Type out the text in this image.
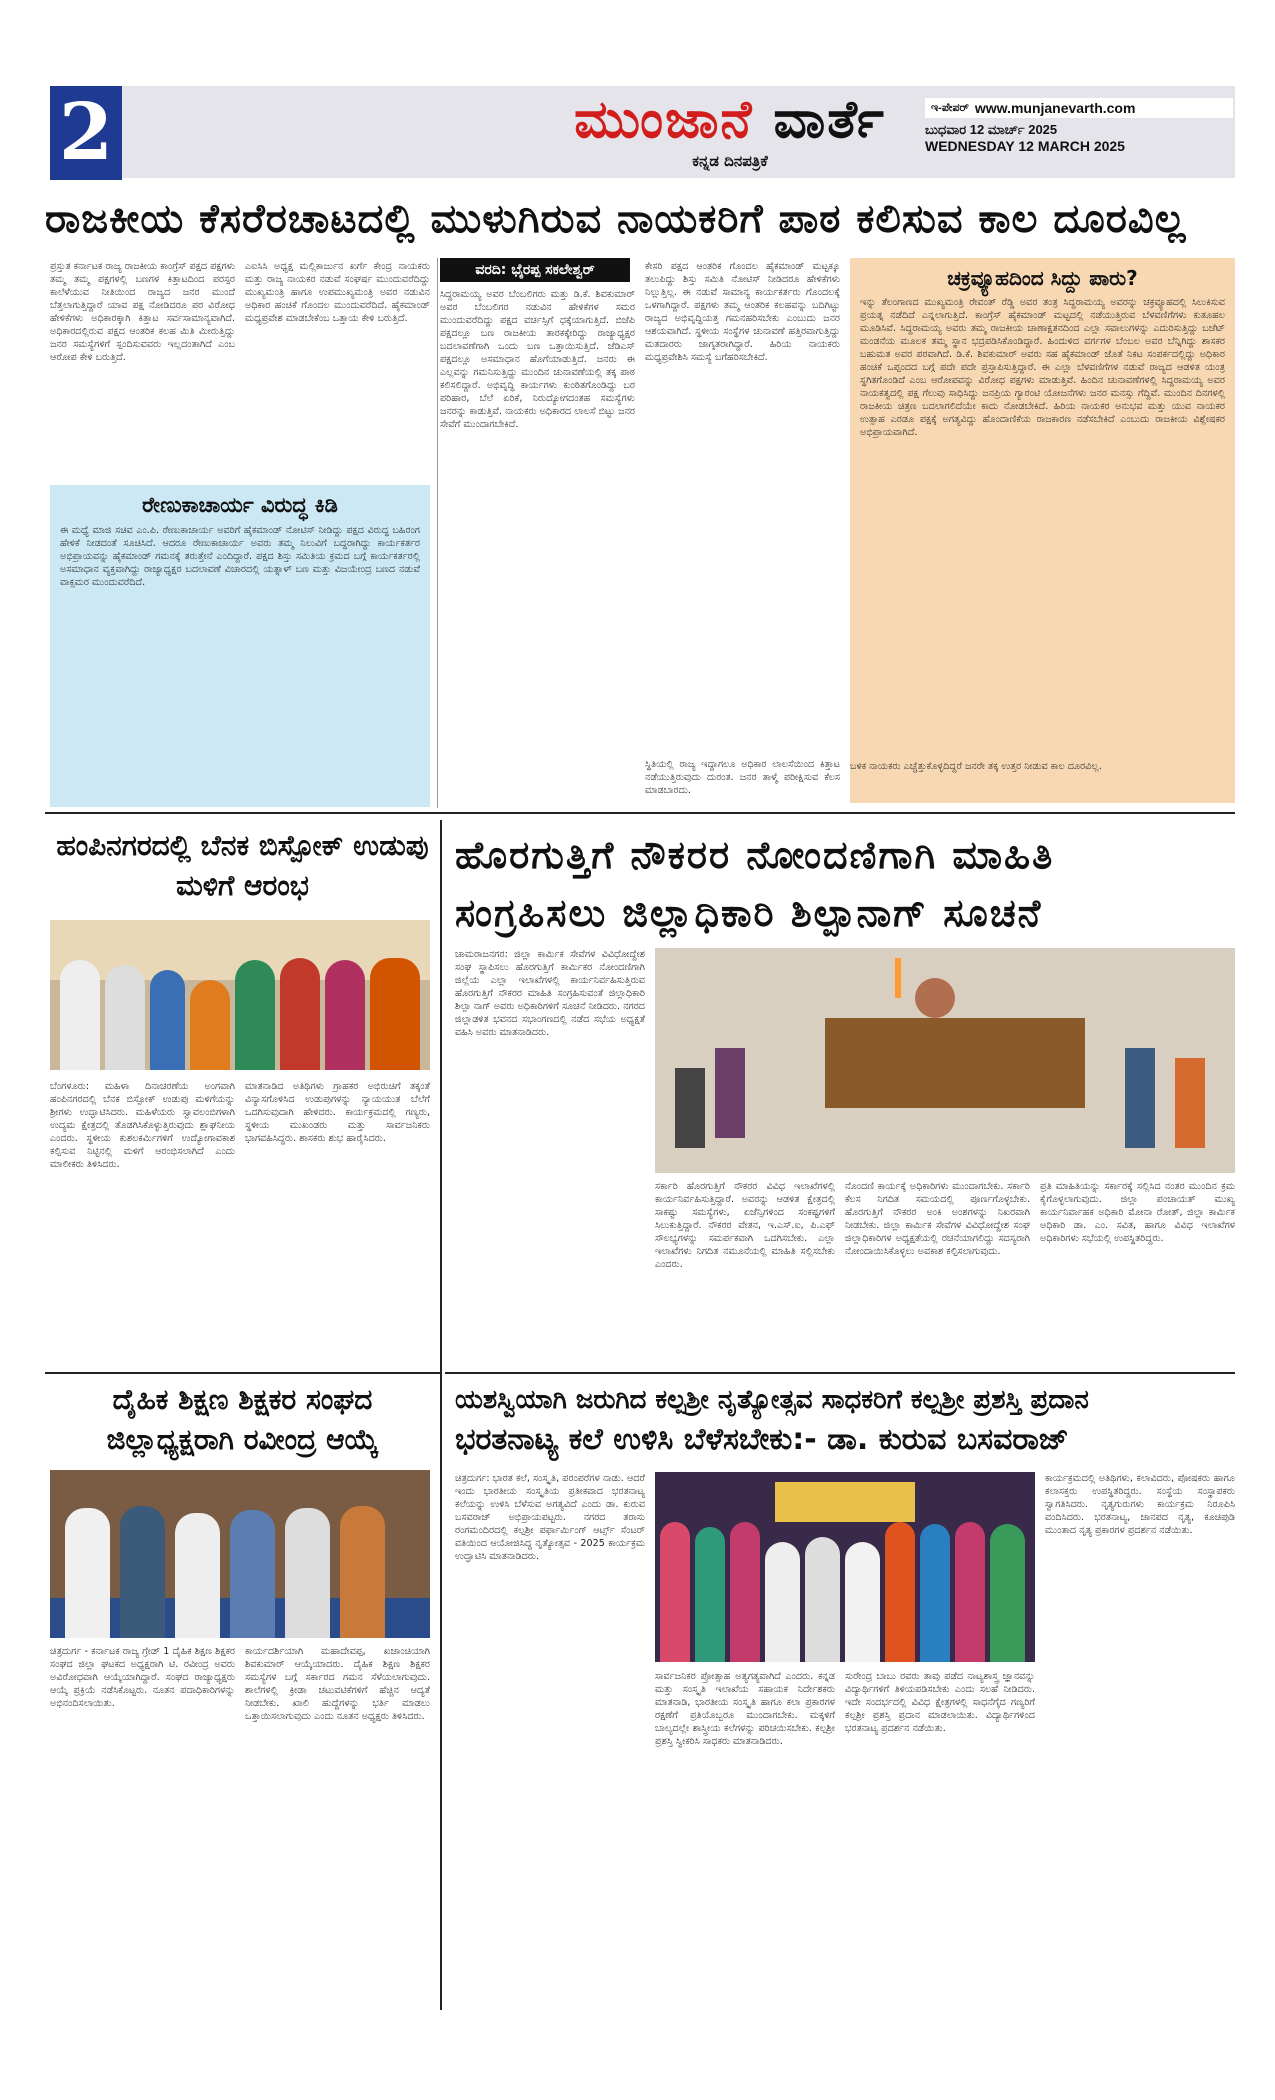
2	ಮುಂಜಾನೆ ವಾರ್ತೆ
ಕನ್ನಡ ದಿನಪತ್ರಿಕೆ
ಇ-ಪೇಪರ್ www.munjanevarth.com
ಬುಧವಾರ 12 ಮಾರ್ಚ್ 2025
WEDNESDAY 12 MARCH 2025
ರಾಜಕೀಯ ಕೆಸರೆರಚಾಟದಲ್ಲಿ ಮುಳುಗಿರುವ ನಾಯಕರಿಗೆ ಪಾಠ ಕಲಿಸುವ ಕಾಲ ದೂರವಿಲ್ಲ
ಪ್ರಸ್ತುತ ಕರ್ನಾಟಕ ರಾಜ್ಯ ರಾಜಕೀಯ ಕಾಂಗ್ರೆಸ್ ಪಕ್ಷದ ಪಕ್ಷಗಳು ತಮ್ಮ ತಮ್ಮ ಪಕ್ಷಗಳಲ್ಲಿ ಬಣಗಳ ಕಿತ್ತಾಟದಿಂದ ಪರಸ್ಪರ ಕಾಲೆಳೆಯುವ ನೀತಿಯಿಂದ ರಾಜ್ಯದ ಜನರ ಮುಂದೆ ಬೆತ್ತಲಾಗುತ್ತಿದ್ದಾರೆ ಯಾವ ಪಕ್ಷ ನೋಡಿದರೂ ಪರ ವಿರೋಧ ಹೇಳಿಕೆಗಳು ಅಧಿಕಾರಕ್ಕಾಗಿ ಕಿತ್ತಾಟ ಸರ್ವಸಾಮಾನ್ಯವಾಗಿದೆ. ಅಧಿಕಾರದಲ್ಲಿರುವ ಪಕ್ಷದ ಆಂತರಿಕ ಕಲಹ ಮಿತಿ ಮೀರುತ್ತಿದ್ದು ಜನರ ಸಮಸ್ಯೆಗಳಿಗೆ ಸ್ಪಂದಿಸುವವರು ಇಲ್ಲದಂತಾಗಿದೆ ಎಂಬ ಆರೋಪ ಕೇಳಿ ಬರುತ್ತಿದೆ.
ಎಐಸಿಸಿ ಅಧ್ಯಕ್ಷ ಮಲ್ಲಿಕಾರ್ಜುನ ಖರ್ಗೆ ಕೇಂದ್ರ ನಾಯಕರು ಮತ್ತು ರಾಜ್ಯ ನಾಯಕರ ನಡುವೆ ಸಂಘರ್ಷ ಮುಂದುವರೆದಿದ್ದು ಮುಖ್ಯಮಂತ್ರಿ ಹಾಗೂ ಉಪಮುಖ್ಯಮಂತ್ರಿ ಅವರ ನಡುವಿನ ಅಧಿಕಾರ ಹಂಚಿಕೆ ಗೊಂದಲ ಮುಂದುವರೆದಿದೆ. ಹೈಕಮಾಂಡ್ ಮಧ್ಯಪ್ರವೇಶ ಮಾಡಬೇಕೆಂಬ ಒತ್ತಾಯ ಕೇಳಿ ಬರುತ್ತಿದೆ.
ವರದಿ: ಭೈರಪ್ಪ ಸಕಲೇಶ್ವರ್
ಸಿದ್ದರಾಮಯ್ಯ ಅವರ ಬೆಂಬಲಿಗರು ಮತ್ತು ಡಿ.ಕೆ. ಶಿವಕುಮಾರ್ ಅವರ ಬೆಂಬಲಿಗರ ನಡುವಿನ ಹೇಳಿಕೆಗಳ ಸಮರ ಮುಂದುವರೆದಿದ್ದು ಪಕ್ಷದ ವರ್ಚಸ್ಸಿಗೆ ಧಕ್ಕೆಯಾಗುತ್ತಿದೆ. ಬಿಜೆಪಿ ಪಕ್ಷದಲ್ಲೂ ಬಣ ರಾಜಕೀಯ ತಾರಕಕ್ಕೇರಿದ್ದು ರಾಜ್ಯಾಧ್ಯಕ್ಷರ ಬದಲಾವಣೆಗಾಗಿ ಒಂದು ಬಣ ಒತ್ತಾಯಿಸುತ್ತಿದೆ. ಜೆಡಿಎಸ್ ಪಕ್ಷದಲ್ಲೂ ಅಸಮಾಧಾನ ಹೊಗೆಯಾಡುತ್ತಿದೆ. ಜನರು ಈ ಎಲ್ಲವನ್ನು ಗಮನಿಸುತ್ತಿದ್ದು ಮುಂದಿನ ಚುನಾವಣೆಯಲ್ಲಿ ತಕ್ಕ ಪಾಠ ಕಲಿಸಲಿದ್ದಾರೆ. ಅಭಿವೃದ್ಧಿ ಕಾರ್ಯಗಳು ಕುಂಠಿತಗೊಂಡಿದ್ದು ಬರ ಪರಿಹಾರ, ಬೆಲೆ ಏರಿಕೆ, ನಿರುದ್ಯೋಗದಂತಹ ಸಮಸ್ಯೆಗಳು ಜನರನ್ನು ಕಾಡುತ್ತಿವೆ. ನಾಯಕರು ಅಧಿಕಾರದ ಲಾಲಸೆ ಬಿಟ್ಟು ಜನರ ಸೇವೆಗೆ ಮುಂದಾಗಬೇಕಿದೆ.
ಕೇಸರಿ ಪಕ್ಷದ ಆಂತರಿಕ ಗೊಂದಲ ಹೈಕಮಾಂಡ್ ಮಟ್ಟಕ್ಕೂ ತಲುಪಿದ್ದು ಶಿಸ್ತು ಸಮಿತಿ ನೋಟಿಸ್ ನೀಡಿದರೂ ಹೇಳಿಕೆಗಳು ನಿಲ್ಲುತ್ತಿಲ್ಲ. ಈ ನಡುವೆ ಸಾಮಾನ್ಯ ಕಾರ್ಯಕರ್ತರು ಗೊಂದಲಕ್ಕೆ ಒಳಗಾಗಿದ್ದಾರೆ. ಪಕ್ಷಗಳು ತಮ್ಮ ಆಂತರಿಕ ಕಲಹವನ್ನು ಬದಿಗಿಟ್ಟು ರಾಜ್ಯದ ಅಭಿವೃದ್ಧಿಯತ್ತ ಗಮನಹರಿಸಬೇಕು ಎಂಬುದು ಜನರ ಆಶಯವಾಗಿದೆ. ಸ್ಥಳೀಯ ಸಂಸ್ಥೆಗಳ ಚುನಾವಣೆ ಹತ್ತಿರವಾಗುತ್ತಿದ್ದು ಮತದಾರರು ಜಾಗೃತರಾಗಿದ್ದಾರೆ. ಹಿರಿಯ ನಾಯಕರು ಮಧ್ಯಪ್ರವೇಶಿಸಿ ಸಮಸ್ಯೆ ಬಗೆಹರಿಸಬೇಕಿದೆ.
ಸ್ಥಿತಿಯಲ್ಲಿ ರಾಜ್ಯ ಇದ್ದಾಗಲೂ ಅಧಿಕಾರ ಲಾಲಸೆಯಿಂದ ಕಿತ್ತಾಟ ನಡೆಯುತ್ತಿರುವುದು ದುರಂತ. ಜನರ ತಾಳ್ಮೆ ಪರೀಕ್ಷಿಸುವ ಕೆಲಸ ಮಾಡಬಾರದು.
ರೇಣುಕಾಚಾರ್ಯ ವಿರುದ್ಧ ಕಿಡಿ
ಈ ಮಧ್ಯೆ ಮಾಜಿ ಸಚಿವ ಎಂ.ಪಿ. ರೇಣುಕಾಚಾರ್ಯ ಅವರಿಗೆ ಹೈಕಮಾಂಡ್ ನೋಟಿಸ್ ನೀಡಿದ್ದು ಪಕ್ಷದ ವಿರುದ್ಧ ಬಹಿರಂಗ ಹೇಳಿಕೆ ನೀಡದಂತೆ ಸೂಚಿಸಿದೆ. ಆದರೂ ರೇಣುಕಾಚಾರ್ಯ ಅವರು ತಮ್ಮ ನಿಲುವಿಗೆ ಬದ್ಧರಾಗಿದ್ದು ಕಾರ್ಯಕರ್ತರ ಅಭಿಪ್ರಾಯವನ್ನು ಹೈಕಮಾಂಡ್ ಗಮನಕ್ಕೆ ತರುತ್ತೇನೆ ಎಂದಿದ್ದಾರೆ. ಪಕ್ಷದ ಶಿಸ್ತು ಸಮಿತಿಯ ಕ್ರಮದ ಬಗ್ಗೆ ಕಾರ್ಯಕರ್ತರಲ್ಲಿ ಅಸಮಾಧಾನ ವ್ಯಕ್ತವಾಗಿದ್ದು ರಾಜ್ಯಾಧ್ಯಕ್ಷರ ಬದಲಾವಣೆ ವಿಚಾರದಲ್ಲಿ ಯತ್ನಾಳ್ ಬಣ ಮತ್ತು ವಿಜಯೇಂದ್ರ ಬಣದ ನಡುವೆ ವಾಕ್ಸಮರ ಮುಂದುವರೆದಿದೆ.
ಚಕ್ರವ್ಯೂಹದಿಂದ ಸಿದ್ದು ಪಾರು?
ಇನ್ನು ತೆಲಂಗಾಣದ ಮುಖ್ಯಮಂತ್ರಿ ರೇವಂತ್ ರೆಡ್ಡಿ ಅವರ ತಂತ್ರ ಸಿದ್ದರಾಮಯ್ಯ ಅವರನ್ನು ಚಕ್ರವ್ಯೂಹದಲ್ಲಿ ಸಿಲುಕಿಸುವ ಪ್ರಯತ್ನ ನಡೆದಿದೆ ಎನ್ನಲಾಗುತ್ತಿದೆ. ಕಾಂಗ್ರೆಸ್ ಹೈಕಮಾಂಡ್ ಮಟ್ಟದಲ್ಲಿ ನಡೆಯುತ್ತಿರುವ ಬೆಳವಣಿಗೆಗಳು ಕುತೂಹಲ ಮೂಡಿಸಿವೆ. ಸಿದ್ದರಾಮಯ್ಯ ಅವರು ತಮ್ಮ ರಾಜಕೀಯ ಚಾಣಾಕ್ಷತನದಿಂದ ಎಲ್ಲಾ ಸವಾಲುಗಳನ್ನು ಎದುರಿಸುತ್ತಿದ್ದು ಬಜೆಟ್ ಮಂಡನೆಯ ಮೂಲಕ ತಮ್ಮ ಸ್ಥಾನ ಭದ್ರಪಡಿಸಿಕೊಂಡಿದ್ದಾರೆ. ಹಿಂದುಳಿದ ವರ್ಗಗಳ ಬೆಂಬಲ ಅವರ ಬೆನ್ನಿಗಿದ್ದು ಶಾಸಕರ ಬಹುಮತ ಅವರ ಪರವಾಗಿದೆ. ಡಿ.ಕೆ. ಶಿವಕುಮಾರ್ ಅವರು ಸಹ ಹೈಕಮಾಂಡ್ ಜೊತೆ ನಿಕಟ ಸಂಪರ್ಕದಲ್ಲಿದ್ದು ಅಧಿಕಾರ ಹಂಚಿಕೆ ಒಪ್ಪಂದದ ಬಗ್ಗೆ ಪದೇ ಪದೇ ಪ್ರಸ್ತಾಪಿಸುತ್ತಿದ್ದಾರೆ. ಈ ಎಲ್ಲಾ ಬೆಳವಣಿಗೆಗಳ ನಡುವೆ ರಾಜ್ಯದ ಆಡಳಿತ ಯಂತ್ರ ಸ್ಥಗಿತಗೊಂಡಿದೆ ಎಂಬ ಆರೋಪವನ್ನು ವಿರೋಧ ಪಕ್ಷಗಳು ಮಾಡುತ್ತಿವೆ. ಹಿಂದಿನ ಚುನಾವಣೆಗಳಲ್ಲಿ ಸಿದ್ದರಾಮಯ್ಯ ಅವರ ನಾಯಕತ್ವದಲ್ಲಿ ಪಕ್ಷ ಗೆಲುವು ಸಾಧಿಸಿದ್ದು ಜನಪ್ರಿಯ ಗ್ಯಾರಂಟಿ ಯೋಜನೆಗಳು ಜನರ ಮನಸ್ಸು ಗೆದ್ದಿವೆ. ಮುಂದಿನ ದಿನಗಳಲ್ಲಿ ರಾಜಕೀಯ ಚಿತ್ರಣ ಬದಲಾಗಲಿದೆಯೇ ಕಾದು ನೋಡಬೇಕಿದೆ. ಹಿರಿಯ ನಾಯಕರ ಅನುಭವ ಮತ್ತು ಯುವ ನಾಯಕರ ಉತ್ಸಾಹ ಎರಡೂ ಪಕ್ಷಕ್ಕೆ ಅಗತ್ಯವಿದ್ದು ಹೊಂದಾಣಿಕೆಯ ರಾಜಕಾರಣ ನಡೆಸಬೇಕಿದೆ ಎಂಬುದು ರಾಜಕೀಯ ವಿಶ್ಲೇಷಕರ ಅಭಿಪ್ರಾಯವಾಗಿದೆ.
ಬಳಿಕ ನಾಯಕರು ಎಚ್ಚೆತ್ತುಕೊಳ್ಳದಿದ್ದರೆ ಜನರೇ ತಕ್ಕ ಉತ್ತರ ನೀಡುವ ಕಾಲ ದೂರವಿಲ್ಲ.
ಹಂಪಿನಗರದಲ್ಲಿ ಬೆನಕ ಬಿಸ್ಪೋಕ್ ಉಡುಪು ಮಳಿಗೆ ಆರಂಭ
ಬೆಂಗಳೂರು: ಮಹಿಳಾ ದಿನಾಚರಣೆಯ ಅಂಗವಾಗಿ ಹಂಪಿನಗರದಲ್ಲಿ ಬೆನಕ ಬಿಸ್ಪೋಕ್ ಉಡುಪು ಮಳಿಗೆಯನ್ನು ಶ್ರೀಗಳು ಉದ್ಘಾಟಿಸಿದರು. ಮಹಿಳೆಯರು ಸ್ವಾವಲಂಬಿಗಳಾಗಿ ಉದ್ಯಮ ಕ್ಷೇತ್ರದಲ್ಲಿ ತೊಡಗಿಸಿಕೊಳ್ಳುತ್ತಿರುವುದು ಶ್ಲಾಘನೀಯ ಎಂದರು. ಸ್ಥಳೀಯ ಕುಶಲಕರ್ಮಿಗಳಿಗೆ ಉದ್ಯೋಗಾವಕಾಶ ಕಲ್ಪಿಸುವ ನಿಟ್ಟಿನಲ್ಲಿ ಮಳಿಗೆ ಆರಂಭಿಸಲಾಗಿದೆ ಎಂದು ಮಾಲೀಕರು ತಿಳಿಸಿದರು.
ಮಾತನಾಡಿದ ಅತಿಥಿಗಳು ಗ್ರಾಹಕರ ಅಭಿರುಚಿಗೆ ತಕ್ಕಂತೆ ವಿನ್ಯಾಸಗೊಳಿಸಿದ ಉಡುಪುಗಳನ್ನು ನ್ಯಾಯಯುತ ಬೆಲೆಗೆ ಒದಗಿಸುವುದಾಗಿ ಹೇಳಿದರು. ಕಾರ್ಯಕ್ರಮದಲ್ಲಿ ಗಣ್ಯರು, ಸ್ಥಳೀಯ ಮುಖಂಡರು ಮತ್ತು ಸಾರ್ವಜನಿಕರು ಭಾಗವಹಿಸಿದ್ದರು. ಶಾಸಕರು ಶುಭ ಹಾರೈಸಿದರು.
ದೈಹಿಕ ಶಿಕ್ಷಣ ಶಿಕ್ಷಕರ ಸಂಘದ ಜಿಲ್ಲಾಧ್ಯಕ್ಷರಾಗಿ ರವೀಂದ್ರ ಆಯ್ಕೆ
ಚಿತ್ರದುರ್ಗ - ಕರ್ನಾಟಕ ರಾಜ್ಯ ಗ್ರೇಡ್ 1 ದೈಹಿಕ ಶಿಕ್ಷಣ ಶಿಕ್ಷಕರ ಸಂಘದ ಜಿಲ್ಲಾ ಘಟಕದ ಅಧ್ಯಕ್ಷರಾಗಿ ಟಿ. ರವೀಂದ್ರ ಅವರು ಅವಿರೋಧವಾಗಿ ಆಯ್ಕೆಯಾಗಿದ್ದಾರೆ. ಸಂಘದ ರಾಜ್ಯಾಧ್ಯಕ್ಷರು ಆಯ್ಕೆ ಪ್ರಕ್ರಿಯೆ ನಡೆಸಿಕೊಟ್ಟರು. ನೂತನ ಪದಾಧಿಕಾರಿಗಳನ್ನು ಅಭಿನಂದಿಸಲಾಯಿತು.
ಕಾರ್ಯದರ್ಶಿಯಾಗಿ ಮಹಾದೇವಪ್ಪ, ಖಜಾಂಚಿಯಾಗಿ ಶಿವಕುಮಾರ್ ಆಯ್ಕೆಯಾದರು. ದೈಹಿಕ ಶಿಕ್ಷಣ ಶಿಕ್ಷಕರ ಸಮಸ್ಯೆಗಳ ಬಗ್ಗೆ ಸರ್ಕಾರದ ಗಮನ ಸೆಳೆಯಲಾಗುವುದು. ಶಾಲೆಗಳಲ್ಲಿ ಕ್ರೀಡಾ ಚಟುವಟಿಕೆಗಳಿಗೆ ಹೆಚ್ಚಿನ ಆದ್ಯತೆ ನೀಡಬೇಕು. ಖಾಲಿ ಹುದ್ದೆಗಳನ್ನು ಭರ್ತಿ ಮಾಡಲು ಒತ್ತಾಯಿಸಲಾಗುವುದು ಎಂದು ನೂತನ ಅಧ್ಯಕ್ಷರು ತಿಳಿಸಿದರು.
ಹೊರಗುತ್ತಿಗೆ ನೌಕರರ ನೋಂದಣಿಗಾಗಿ ಮಾಹಿತಿ
ಸಂಗ್ರಹಿಸಲು ಜಿಲ್ಲಾಧಿಕಾರಿ ಶಿಲ್ಪಾನಾಗ್ ಸೂಚನೆ
ಚಾಮರಾಜನಗರ: ಜಿಲ್ಲಾ ಕಾರ್ಮಿಕ ಸೇವೆಗಳ ವಿವಿಧೋದ್ದೇಶ ಸಂಘ ಸ್ಥಾಪಿಸಲು ಹೊರಗುತ್ತಿಗೆ ಕಾರ್ಮಿಕರ ನೋಂದಣಿಗಾಗಿ ಜಿಲ್ಲೆಯ ಎಲ್ಲಾ ಇಲಾಖೆಗಳಲ್ಲಿ ಕಾರ್ಯನಿರ್ವಹಿಸುತ್ತಿರುವ ಹೊರಗುತ್ತಿಗೆ ನೌಕರರ ಮಾಹಿತಿ ಸಂಗ್ರಹಿಸುವಂತೆ ಜಿಲ್ಲಾಧಿಕಾರಿ ಶಿಲ್ಪಾ ನಾಗ್ ಅವರು ಅಧಿಕಾರಿಗಳಿಗೆ ಸೂಚನೆ ನೀಡಿದರು. ನಗರದ ಜಿಲ್ಲಾಡಳಿತ ಭವನದ ಸಭಾಂಗಣದಲ್ಲಿ ನಡೆದ ಸಭೆಯ ಅಧ್ಯಕ್ಷತೆ ವಹಿಸಿ ಅವರು ಮಾತನಾಡಿದರು.
ಸರ್ಕಾರಿ ಹೊರಗುತ್ತಿಗೆ ನೌಕರರ ವಿವಿಧ ಇಲಾಖೆಗಳಲ್ಲಿ ಕಾರ್ಯನಿರ್ವಹಿಸುತ್ತಿದ್ದಾರೆ. ಅವರನ್ನು ಆಡಳಿತ ಕ್ಷೇತ್ರದಲ್ಲಿ ಸಾಕಷ್ಟು ಸಮಸ್ಯೆಗಳು, ಏಜೆನ್ಸಿಗಳಿಂದ ಸಂಕಷ್ಟಗಳಿಗೆ ಸಿಲುಕುತ್ತಿದ್ದಾರೆ. ನೌಕರರ ವೇತನ, ಇ.ಎಸ್.ಐ, ಪಿ.ಎಫ್ ಸೌಲಭ್ಯಗಳನ್ನು ಸಮರ್ಪಕವಾಗಿ ಒದಗಿಸಬೇಕು. ಎಲ್ಲಾ ಇಲಾಖೆಗಳು ನಿಗದಿತ ನಮೂನೆಯಲ್ಲಿ ಮಾಹಿತಿ ಸಲ್ಲಿಸಬೇಕು ಎಂದರು.
ನೊಂದಣಿ ಕಾರ್ಯಕ್ಕೆ ಅಧಿಕಾರಿಗಳು ಮುಂದಾಗಬೇಕು. ಸರ್ಕಾರಿ ಕೆಲಸ ನಿಗದಿತ ಸಮಯದಲ್ಲಿ ಪೂರ್ಣಗೊಳ್ಳಬೇಕು. ಹೊರಗುತ್ತಿಗೆ ನೌಕರರ ಅಂಕಿ ಅಂಶಗಳನ್ನು ನಿಖರವಾಗಿ ನೀಡಬೇಕು. ಜಿಲ್ಲಾ ಕಾರ್ಮಿಕ ಸೇವೆಗಳ ವಿವಿಧೋದ್ದೇಶ ಸಂಘ ಜಿಲ್ಲಾಧಿಕಾರಿಗಳ ಅಧ್ಯಕ್ಷತೆಯಲ್ಲಿ ರಚನೆಯಾಗಲಿದ್ದು ಸದಸ್ಯರಾಗಿ ನೋಂದಾಯಿಸಿಕೊಳ್ಳಲು ಅವಕಾಶ ಕಲ್ಪಿಸಲಾಗುವುದು.
ಪ್ರತಿ ಮಾಹಿತಿಯನ್ನು ಸರ್ಕಾರಕ್ಕೆ ಸಲ್ಲಿಸಿದ ನಂತರ ಮುಂದಿನ ಕ್ರಮ ಕೈಗೊಳ್ಳಲಾಗುವುದು. ಜಿಲ್ಲಾ ಪಂಚಾಯತ್ ಮುಖ್ಯ ಕಾರ್ಯನಿರ್ವಾಹಕ ಅಧಿಕಾರಿ ಮೋನಾ ರೋತ್, ಜಿಲ್ಲಾ ಕಾರ್ಮಿಕ ಅಧಿಕಾರಿ ಡಾ. ಎಂ. ಸವಿತ, ಹಾಗೂ ವಿವಿಧ ಇಲಾಖೆಗಳ ಅಧಿಕಾರಿಗಳು ಸಭೆಯಲ್ಲಿ ಉಪಸ್ಥಿತರಿದ್ದರು.
ಯಶಸ್ವಿಯಾಗಿ ಜರುಗಿದ ಕಲ್ಪಶ್ರೀ ನೃತ್ಯೋತ್ಸವ ಸಾಧಕರಿಗೆ ಕಲ್ಪಶ್ರೀ ಪ್ರಶಸ್ತಿ ಪ್ರದಾನ
ಭರತನಾಟ್ಯ ಕಲೆ ಉಳಿಸಿ ಬೆಳೆಸಬೇಕು:- ಡಾ. ಕುರುವ ಬಸವರಾಜ್
ಚಿತ್ರದುರ್ಗ: ಭಾರತ ಕಲೆ, ಸಂಸ್ಕೃತಿ, ಪರಂಪರೆಗಳ ನಾಡು. ಆದರೆ ಇಂದು ಭಾರತೀಯ ಸಂಸ್ಕೃತಿಯ ಪ್ರತೀಕವಾದ ಭರತನಾಟ್ಯ ಕಲೆಯನ್ನು ಉಳಿಸಿ ಬೆಳೆಸುವ ಅಗತ್ಯವಿದೆ ಎಂದು ಡಾ. ಕುರುವ ಬಸವರಾಜ್ ಅಭಿಪ್ರಾಯಪಟ್ಟರು. ನಗರದ ತರಾಸು ರಂಗಮಂದಿರದಲ್ಲಿ ಕಲ್ಪಶ್ರೀ ಪರ್ಫಾರ್ಮಿಂಗ್ ಆರ್ಟ್ಸ್ ಸೆಂಟರ್ ವತಿಯಿಂದ ಆಯೋಜಿಸಿದ್ದ ನೃತ್ಯೋತ್ಸವ - 2025 ಕಾರ್ಯಕ್ರಮ ಉದ್ಘಾಟಿಸಿ ಮಾತನಾಡಿದರು.
ಕಾರ್ಯಕ್ರಮದಲ್ಲಿ ಅತಿಥಿಗಳು, ಕಲಾವಿದರು, ಪೋಷಕರು ಹಾಗೂ ಕಲಾಸಕ್ತರು ಉಪಸ್ಥಿತರಿದ್ದರು. ಸಂಸ್ಥೆಯ ಸಂಸ್ಥಾಪಕರು ಸ್ವಾಗತಿಸಿದರು. ನೃತ್ಯಗುರುಗಳು ಕಾರ್ಯಕ್ರಮ ನಿರೂಪಿಸಿ ವಂದಿಸಿದರು. ಭರತನಾಟ್ಯ, ಜಾನಪದ ನೃತ್ಯ, ಕೂಚಿಪುಡಿ ಮುಂತಾದ ನೃತ್ಯ ಪ್ರಕಾರಗಳ ಪ್ರದರ್ಶನ ನಡೆಯಿತು.
ಸಾರ್ವಜನಿಕರ ಪ್ರೋತ್ಸಾಹ ಅತ್ಯಗತ್ಯವಾಗಿದೆ ಎಂದರು. ಕನ್ನಡ ಮತ್ತು ಸಂಸ್ಕೃತಿ ಇಲಾಖೆಯ ಸಹಾಯಕ ನಿರ್ದೇಶಕರು ಮಾತನಾಡಿ, ಭಾರತೀಯ ಸಂಸ್ಕೃತಿ ಹಾಗೂ ಕಲಾ ಪ್ರಕಾರಗಳ ರಕ್ಷಣೆಗೆ ಪ್ರತಿಯೊಬ್ಬರೂ ಮುಂದಾಗಬೇಕು. ಮಕ್ಕಳಿಗೆ ಬಾಲ್ಯದಲ್ಲೇ ಶಾಸ್ತ್ರೀಯ ಕಲೆಗಳನ್ನು ಪರಿಚಯಿಸಬೇಕು. ಕಲ್ಪಶ್ರೀ ಪ್ರಶಸ್ತಿ ಸ್ವೀಕರಿಸಿ ಸಾಧಕರು ಮಾತನಾಡಿದರು.
ಸುರೇಂದ್ರ ಬಾಬು ರವರು ತಾವು ಪಡೆದ ನಾಟ್ಯಶಾಸ್ತ್ರ ಜ್ಞಾನವನ್ನು ವಿದ್ಯಾರ್ಥಿಗಳಿಗೆ ತಿಳಿಯಪಡಿಸಬೇಕು ಎಂದು ಸಲಹೆ ನೀಡಿದರು. ಇದೇ ಸಂದರ್ಭದಲ್ಲಿ ವಿವಿಧ ಕ್ಷೇತ್ರಗಳಲ್ಲಿ ಸಾಧನೆಗೈದ ಗಣ್ಯರಿಗೆ ಕಲ್ಪಶ್ರೀ ಪ್ರಶಸ್ತಿ ಪ್ರದಾನ ಮಾಡಲಾಯಿತು. ವಿದ್ಯಾರ್ಥಿಗಳಿಂದ ಭರತನಾಟ್ಯ ಪ್ರದರ್ಶನ ನಡೆಯಿತು.
